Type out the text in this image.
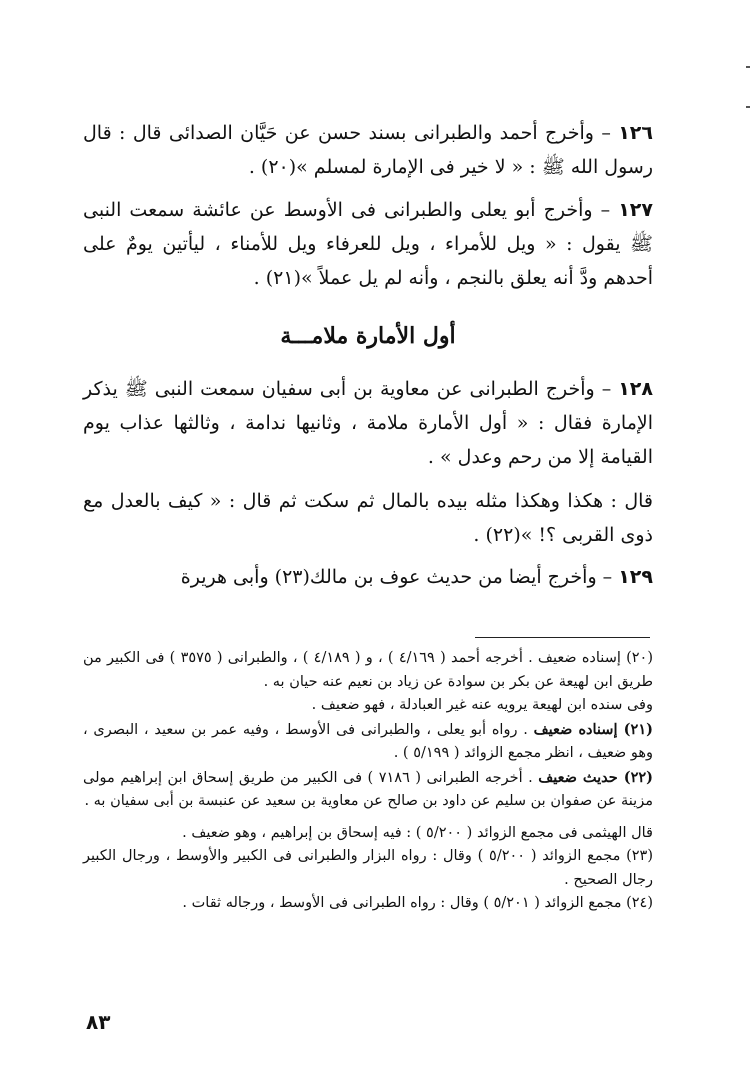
١٢٦ – وأخرج أحمد والطبرانى بسند حسن عن حَيَّان الصدائى قال : قال رسول الله ﷺ : « لا خير فى الإمارة لمسلم »(٢٠) .

١٢٧ – وأخرج أبو يعلى والطبرانى فى الأوسط عن عائشة سمعت النبى ﷺ يقول : « ويل للأمراء ، ويل للعرفاء ويل للأمناء ، ليأتين يومٌ على أحدهم ودَّ أنه يعلق بالنجم ، وأنه لم يل عملاً »(٢١) .

أول الأمارة ملامـــة

١٢٨ – وأخرج الطبرانى عن معاوية بن أبى سفيان سمعت النبى ﷺ يذكر الإمارة فقال : « أول الأمارة ملامة ، وثانيها ندامة ، وثالثها عذاب يوم القيامة إلا من رحم وعدل » .

قال : هكذا وهكذا مثله بيده بالمال ثم سكت ثم قال : « كيف بالعدل مع ذوى القربى ؟! »(٢٢) .

١٢٩ – وأخرج أيضا من حديث عوف بن مالك(٢٣) وأبى هريرة

(٢٠) إسناده ضعيف . أخرجه أحمد ( ٤/١٦٩ ) ، و ( ٤/١٨٩ ) ، والطبرانى ( ٣٥٧٥ ) فى الكبير من طريق ابن لهيعة عن بكر بن سوادة عن زياد بن نعيم عنه حيان به .

وفى سنده ابن لهيعة يرويه عنه غير العبادلة ، فهو ضعيف .

(٢١) إسناده ضعيف . رواه أبو يعلى ، والطبرانى فى الأوسط ، وفيه عمر بن سعيد ، البصرى ، وهو ضعيف ، انظر مجمع الزوائد ( ٥/١٩٩ ) .

(٢٢) حديث ضعيف . أخرجه الطبرانى ( ٧١٨٦ ) فى الكبير من طريق إسحاق ابن إبراهيم مولى مزينة عن صفوان بن سليم عن داود بن صالح عن معاوية بن سعيد عن عنبسة بن أبى سفيان به .

قال الهيثمى فى مجمع الزوائد ( ٥/٢٠٠ ) : فيه إسحاق بن إبراهيم ، وهو ضعيف .

(٢٣) مجمع الزوائد ( ٥/٢٠٠ ) وقال : رواه البزار والطبرانى فى الكبير والأوسط ، ورجال الكبير رجال الصحيح .

(٢٤) مجمع الزوائد ( ٥/٢٠١ ) وقال : رواه الطبرانى فى الأوسط ، ورجاله ثقات .

٨٣
